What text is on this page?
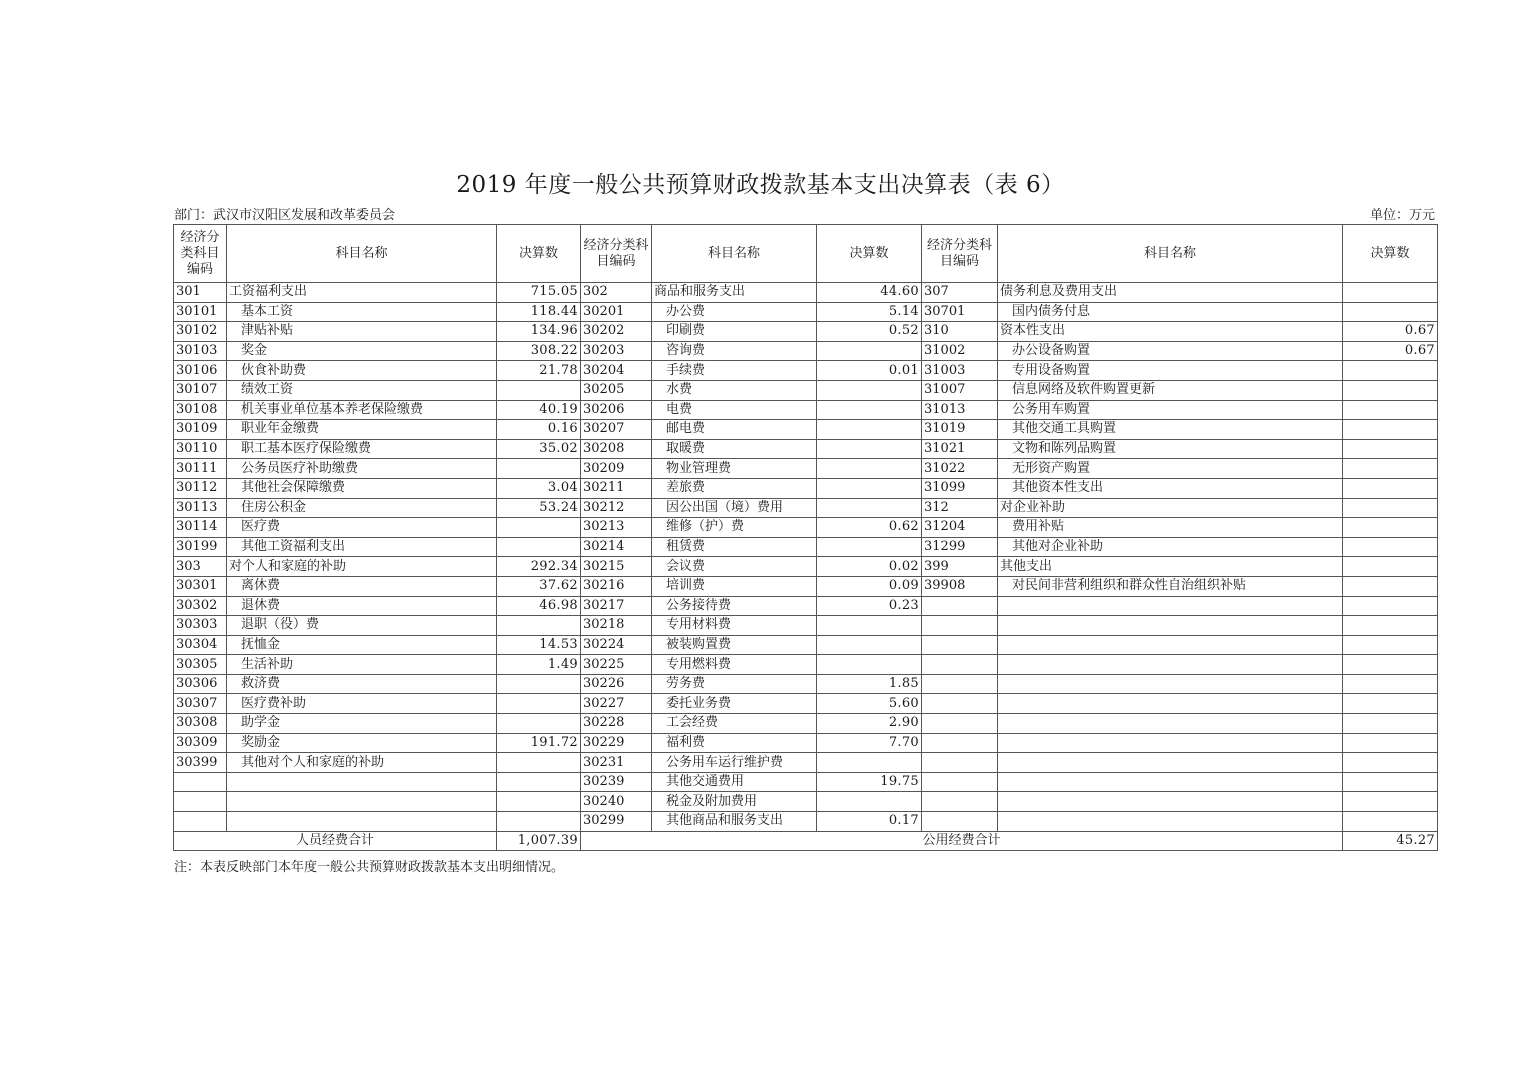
2019 年度一般公共预算财政拨款基本支出决算表（表 6）
部门：武汉市汉阳区发展和改革委员会	单位：万元
经济分类科目编码	科目名称	决算数	经济分类科目编码	科目名称	决算数	经济分类科目编码	科目名称	决算数
301	工资福利支出	715.05	302	商品和服务支出	44.60	307	债务利息及费用支出	
30101	基本工资	118.44	30201	办公费	5.14	30701	国内债务付息	
30102	津贴补贴	134.96	30202	印刷费	0.52	310	资本性支出	0.67
30103	奖金	308.22	30203	咨询费		31002	办公设备购置	0.67
30106	伙食补助费	21.78	30204	手续费	0.01	31003	专用设备购置	
30107	绩效工资		30205	水费		31007	信息网络及软件购置更新	
30108	机关事业单位基本养老保险缴费	40.19	30206	电费		31013	公务用车购置	
30109	职业年金缴费	0.16	30207	邮电费		31019	其他交通工具购置	
30110	职工基本医疗保险缴费	35.02	30208	取暖费		31021	文物和陈列品购置	
30111	公务员医疗补助缴费		30209	物业管理费		31022	无形资产购置	
30112	其他社会保障缴费	3.04	30211	差旅费		31099	其他资本性支出	
30113	住房公积金	53.24	30212	因公出国（境）费用		312	对企业补助	
30114	医疗费		30213	维修（护）费	0.62	31204	费用补贴	
30199	其他工资福利支出		30214	租赁费		31299	其他对企业补助	
303	对个人和家庭的补助	292.34	30215	会议费	0.02	399	其他支出	
30301	离休费	37.62	30216	培训费	0.09	39908	对民间非营利组织和群众性自治组织补贴	
30302	退休费	46.98	30217	公务接待费	0.23			
30303	退职（役）费		30218	专用材料费				
30304	抚恤金	14.53	30224	被装购置费				
30305	生活补助	1.49	30225	专用燃料费				
30306	救济费		30226	劳务费	1.85			
30307	医疗费补助		30227	委托业务费	5.60			
30308	助学金		30228	工会经费	2.90			
30309	奖励金	191.72	30229	福利费	7.70			
30399	其他对个人和家庭的补助		30231	公务用车运行维护费				
			30239	其他交通费用	19.75			
			30240	税金及附加费用				
			30299	其他商品和服务支出	0.17			
人员经费合计		1,007.39	公用经费合计					45.27
注：本表反映部门本年度一般公共预算财政拨款基本支出明细情况。
